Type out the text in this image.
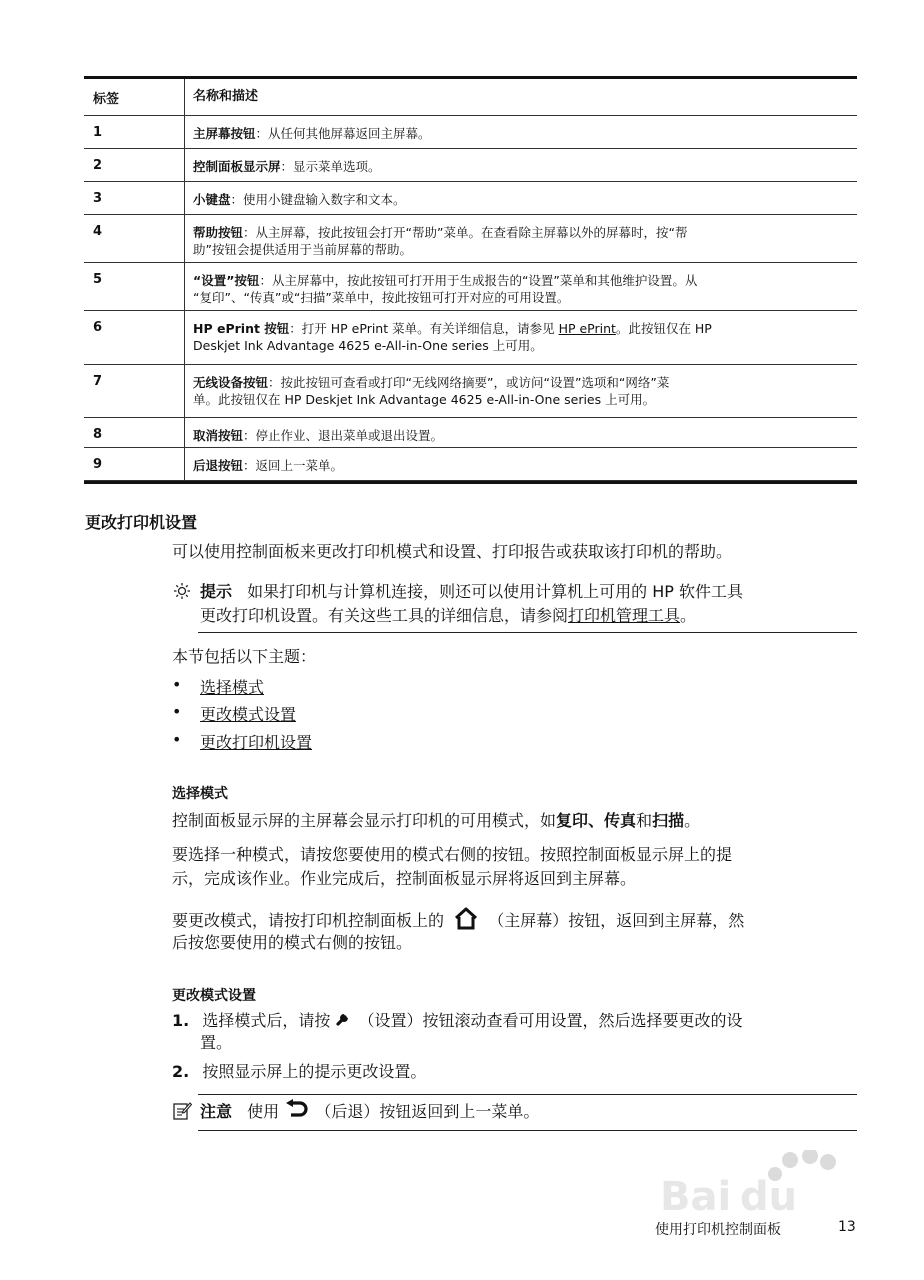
标签	名称和描述
1	主屏幕按钮：从任何其他屏幕返回主屏幕。
2	控制面板显示屏：显示菜单选项。
3	小键盘：使用小键盘输入数字和文本。
4	帮助按钮：从主屏幕，按此按钮会打开“帮助”菜单。在查看除主屏幕以外的屏幕时，按“帮
助”按钮会提供适用于当前屏幕的帮助。
5	“设置”按钮：从主屏幕中，按此按钮可打开用于生成报告的“设置”菜单和其他维护设置。从
“复印”、“传真”或“扫描”菜单中，按此按钮可打开对应的可用设置。
6	HP ePrint 按钮：打开 HP ePrint 菜单。有关详细信息，请参见 HP ePrint。此按钮仅在 HP
Deskjet Ink Advantage 4625 e-All-in-One series 上可用。
7	无线设备按钮：按此按钮可查看或打印“无线网络摘要”，或访问“设置”选项和“网络”菜
单。此按钮仅在 HP Deskjet Ink Advantage 4625 e-All-in-One series 上可用。
8	取消按钮：停止作业、退出菜单或退出设置。
9	后退按钮：返回上一菜单。
更改打印机设置
可以使用控制面板来更改打印机模式和设置、打印报告或获取该打印机的帮助。
提示 如果打印机与计算机连接，则还可以使用计算机上可用的 HP 软件工具
更改打印机设置。有关这些工具的详细信息，请参阅打印机管理工具。
本节包括以下主题：
• 选择模式
• 更改模式设置
• 更改打印机设置
选择模式
控制面板显示屏的主屏幕会显示打印机的可用模式，如复印、传真和扫描。
要选择一种模式，请按您要使用的模式右侧的按钮。按照控制面板显示屏上的提
示，完成该作业。作业完成后，控制面板显示屏将返回到主屏幕。
要更改模式，请按打印机控制面板上的	（主屏幕）按钮，返回到主屏幕，然
后按您要使用的模式右侧的按钮。
更改模式设置
1. 选择模式后，请按 （设置）按钮滚动查看可用设置，然后选择要更改的设
置。
2. 按照显示屏上的提示更改设置。
注意 使用 （后退）按钮返回到上一菜单。
Bai du
使用打印机控制面板	13
